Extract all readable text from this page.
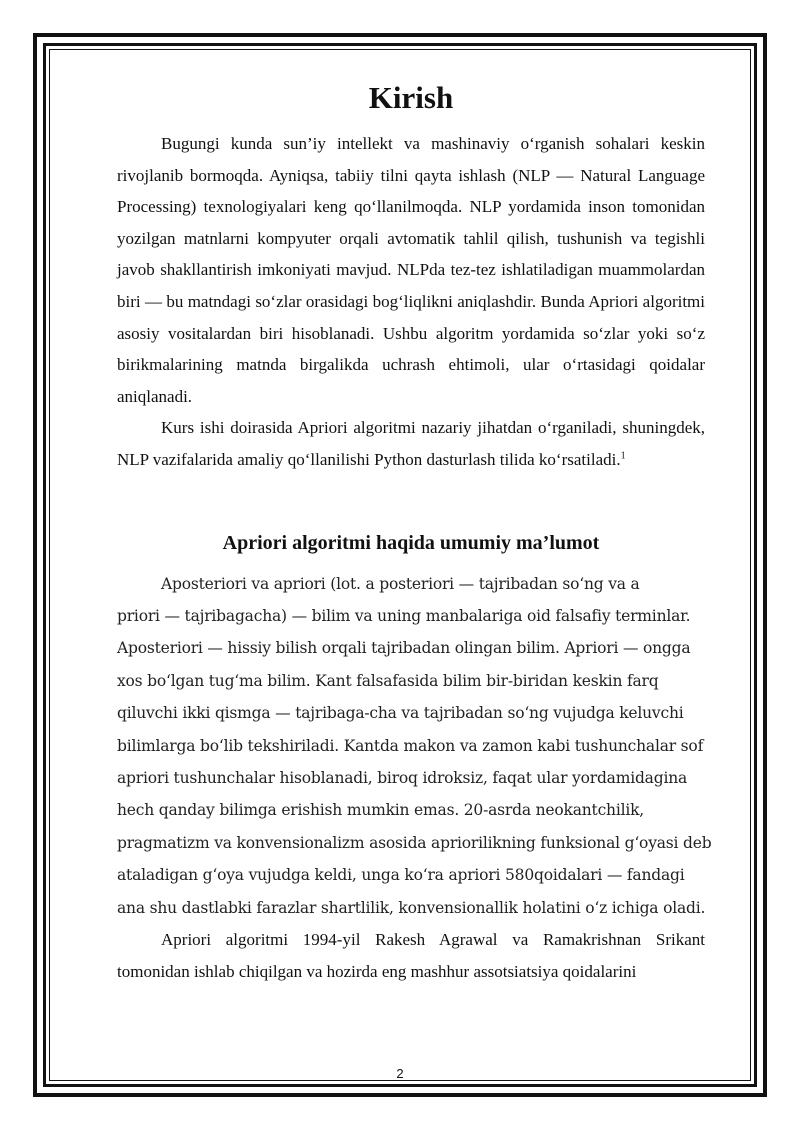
Kirish

Bugungi kunda sun’iy intellekt va mashinaviy o‘rganish sohalari keskin rivojlanib bormoqda. Ayniqsa, tabiiy tilni qayta ishlash (NLP — Natural Language Processing) texnologiyalari keng qo‘llanilmoqda. NLP yordamida inson tomonidan yozilgan matnlarni kompyuter orqali avtomatik tahlil qilish, tushunish va tegishli javob shakllantirish imkoniyati mavjud. NLPda tez-tez ishlatiladigan muammolardan biri — bu matndagi so‘zlar orasidagi bog‘liqlikni aniqlashdir. Bunda Apriori algoritmi asosiy vositalardan biri hisoblanadi. Ushbu algoritm yordamida so‘zlar yoki so‘z birikmalarining matnda birgalikda uchrash ehtimoli, ular o‘rtasidagi qoidalar aniqlanadi.

Kurs ishi doirasida Apriori algoritmi nazariy jihatdan o‘rganiladi, shuningdek, NLP vazifalarida amaliy qo‘llanilishi Python dasturlash tilida ko‘rsatiladi.$^1$

Apriori algoritmi haqida umumiy ma’lumot
Aposteriori va apriori (lot. a posteriori — tajribadan so‘ng va a
priori — tajribagacha) — bilim va uning manbalariga oid falsafiy terminlar.
Aposteriori — hissiy bilish orqali tajribadan olingan bilim. Apriori — ongga
xos bo‘lgan tug‘ma bilim. Kant falsafasida bilim bir-biridan keskin farq
qiluvchi ikki qismga — tajribaga-cha va tajribadan so‘ng vujudga keluvchi
bilimlarga bo‘lib tekshiriladi. Kantda makon va zamon kabi tushunchalar sof
apriori tushunchalar hisoblanadi, biroq idroksiz, faqat ular yordamidagina
hech qanday bilimga erishish mumkin emas. 20-asrda neokantchilik,
pragmatizm va konvensionalizm asosida apriorilikning funksional g‘oyasi deb
ataladigan g‘oya vujudga keldi, unga ko‘ra apriori 580qoidalari — fandagi
ana shu dastlabki farazlar shartlilik, konvensionallik holatini o‘z ichiga oladi.

Apriori algoritmi 1994-yil Rakesh Agrawal va Ramakrishnan Srikant tomonidan ishlab chiqilgan va hozirda eng mashhur assotsiatsiya qoidalarini

2
